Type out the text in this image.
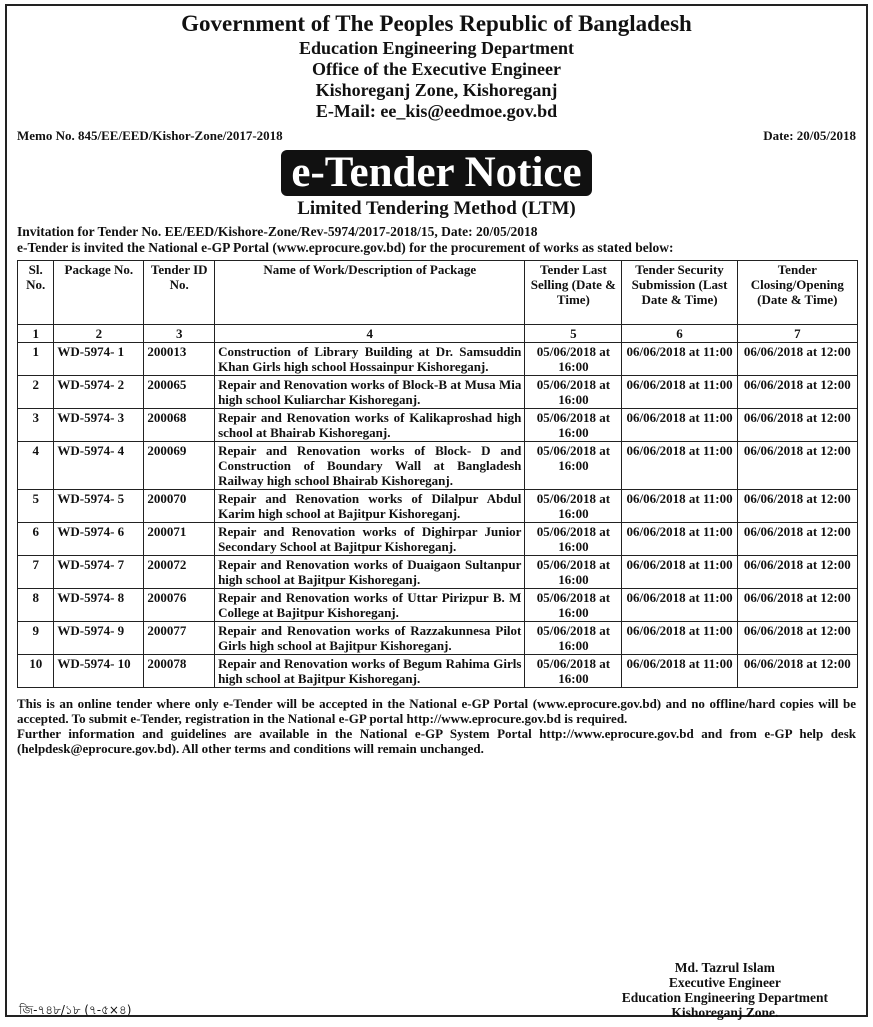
Government of The Peoples Republic of Bangladesh
Education Engineering Department
Office of the Executive Engineer
Kishoreganj Zone, Kishoreganj
E-Mail: ee_kis@eedmoe.gov.bd
Memo No. 845/EE/EED/Kishor-Zone/2017-2018	Date: 20/05/2018
e-Tender Notice
Limited Tendering Method (LTM)
Invitation for Tender No. EE/EED/Kishore-Zone/Rev-5974/2017-2018/15, Date: 20/05/2018
e-Tender is invited the National e-GP Portal (www.eprocure.gov.bd) for the procurement of works as stated below:
Sl. No.	Package No.	Tender ID No.	Name of Work/Description of Package	Tender Last Selling (Date & Time)	Tender Security Submission (Last Date & Time)	Tender Closing/Opening (Date & Time)
1	2	3	4	5	6	7
1	WD-5974- 1	200013	Construction of Library Building at Dr. Samsuddin Khan Girls high school Hossainpur Kishoreganj.	05/06/2018 at 16:00	06/06/2018 at 11:00	06/06/2018 at 12:00
2	WD-5974- 2	200065	Repair and Renovation works of Block-B at Musa Mia high school Kuliarchar Kishoreganj.	05/06/2018 at 16:00	06/06/2018 at 11:00	06/06/2018 at 12:00
3	WD-5974- 3	200068	Repair and Renovation works of Kalikaproshad high school at Bhairab Kishoreganj.	05/06/2018 at 16:00	06/06/2018 at 11:00	06/06/2018 at 12:00
4	WD-5974- 4	200069	Repair and Renovation works of Block- D and Construction of Boundary Wall at Bangladesh Railway high school Bhairab Kishoreganj.	05/06/2018 at 16:00	06/06/2018 at 11:00	06/06/2018 at 12:00
5	WD-5974- 5	200070	Repair and Renovation works of Dilalpur Abdul Karim high school at Bajitpur Kishoreganj.	05/06/2018 at 16:00	06/06/2018 at 11:00	06/06/2018 at 12:00
6	WD-5974- 6	200071	Repair and Renovation works of Dighirpar Junior Secondary School at Bajitpur Kishoreganj.	05/06/2018 at 16:00	06/06/2018 at 11:00	06/06/2018 at 12:00
7	WD-5974- 7	200072	Repair and Renovation works of Duaigaon Sultanpur high school at Bajitpur Kishoreganj.	05/06/2018 at 16:00	06/06/2018 at 11:00	06/06/2018 at 12:00
8	WD-5974- 8	200076	Repair and Renovation works of Uttar Pirizpur B. M College at Bajitpur Kishoreganj.	05/06/2018 at 16:00	06/06/2018 at 11:00	06/06/2018 at 12:00
9	WD-5974- 9	200077	Repair and Renovation works of Razzakunnesa Pilot Girls high school at Bajitpur Kishoreganj.	05/06/2018 at 16:00	06/06/2018 at 11:00	06/06/2018 at 12:00
10	WD-5974- 10	200078	Repair and Renovation works of Begum Rahima Girls high school at Bajitpur Kishoreganj.	05/06/2018 at 16:00	06/06/2018 at 11:00	06/06/2018 at 12:00
This is an online tender where only e-Tender will be accepted in the National e-GP Portal (www.eprocure.gov.bd) and no offline/hard copies will be accepted. To submit e-Tender, registration in the National e-GP portal http://www.eprocure.gov.bd is required.
Further information and guidelines are available in the National e-GP System Portal http://www.eprocure.gov.bd and from e-GP help desk (helpdesk@eprocure.gov.bd). All other terms and conditions will remain unchanged.
Md. Tazrul Islam
Executive Engineer
Education Engineering Department
Kishoreganj Zone.
জি-৭৪৮/১৮ (৭-৫×৪)
